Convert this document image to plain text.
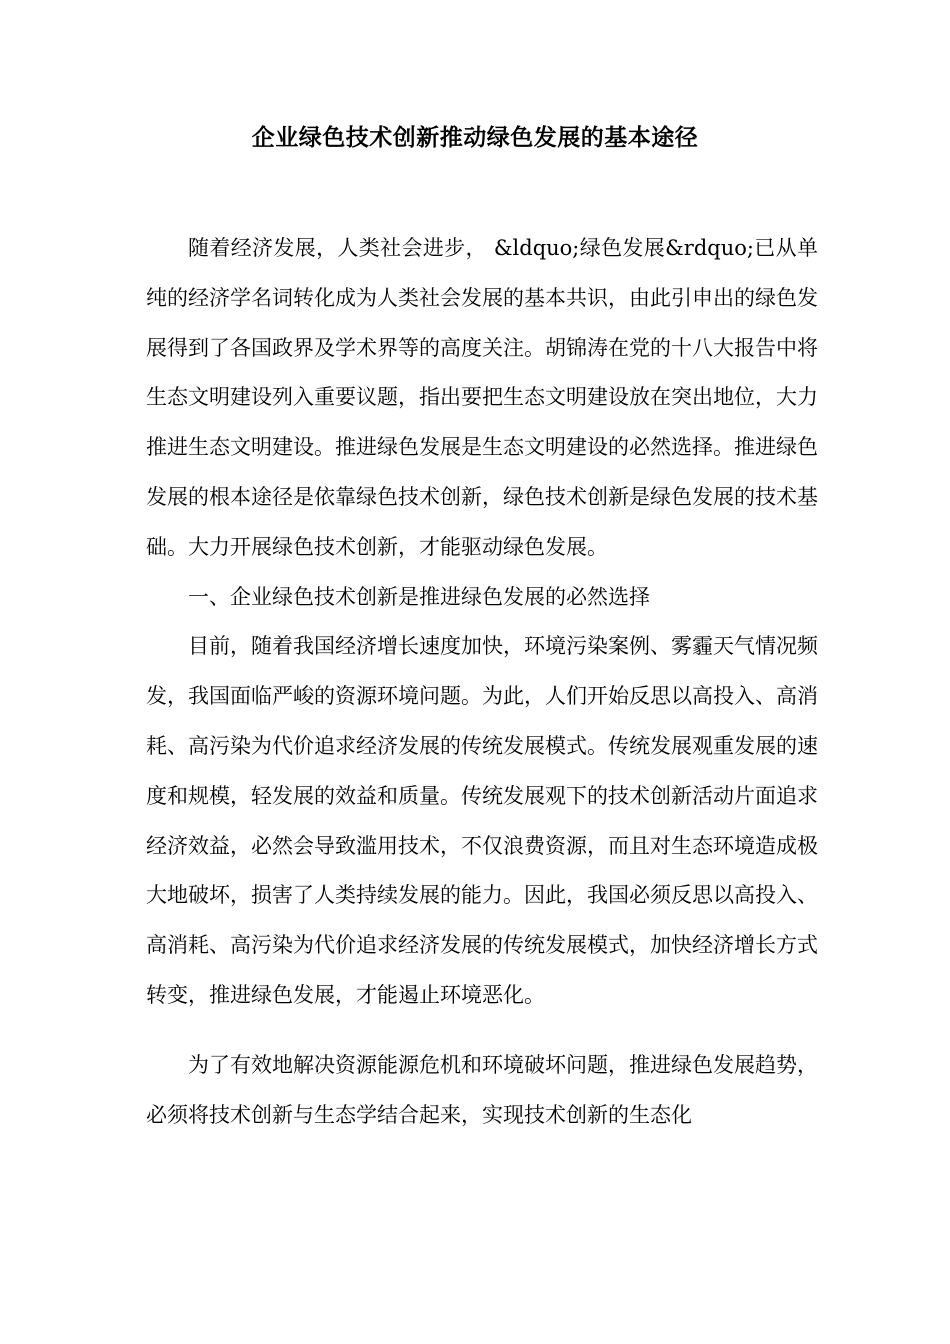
企业绿色技术创新推动绿色发展的基本途径

随着经济发展，人类社会进步， &ldquo;绿色发展&rdquo;已从单纯的经济学名词转化成为人类社会发展的基本共识，由此引申出的绿色发展得到了各国政界及学术界等的高度关注。胡锦涛在党的十八大报告中将生态文明建设列入重要议题，指出要把生态文明建设放在突出地位，大力推进生态文明建设。推进绿色发展是生态文明建设的必然选择。推进绿色发展的根本途径是依靠绿色技术创新，绿色技术创新是绿色发展的技术基础。大力开展绿色技术创新，才能驱动绿色发展。

一、企业绿色技术创新是推进绿色发展的必然选择

目前，随着我国经济增长速度加快，环境污染案例、雾霾天气情况频发，我国面临严峻的资源环境问题。为此，人们开始反思以高投入、高消耗、高污染为代价追求经济发展的传统发展模式。传统发展观重发展的速度和规模，轻发展的效益和质量。传统发展观下的技术创新活动片面追求经济效益，必然会导致滥用技术，不仅浪费资源，而且对生态环境造成极大地破坏，损害了人类持续发展的能力。因此，我国必须反思以高投入、高消耗、高污染为代价追求经济发展的传统发展模式，加快经济增长方式转变，推进绿色发展，才能遏止环境恶化。

为了有效地解决资源能源危机和环境破坏问题，推进绿色发展趋势，必须将技术创新与生态学结合起来，实现技术创新的生态化
